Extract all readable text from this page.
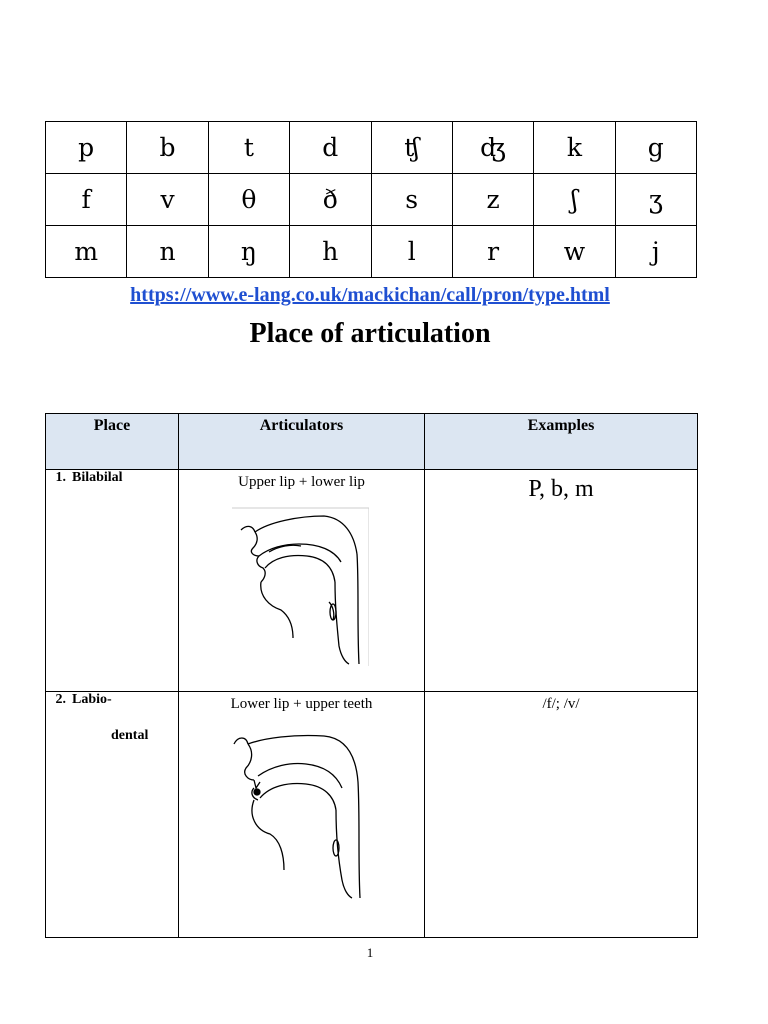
p	b	t	d	ʧ	ʤ	k	g
f	v	θ	ð	s	z	ʃ	ʒ
m	n	ŋ	h	l	r	w	j
https://www.e-lang.co.uk/mackichan/call/pron/type.html
Place of articulation
Place	Articulators	Examples
1. Bilabilal	Upper lip + lower lip	P, b, m

2. Labio-
dental	Lower lip + upper teeth	/f/; /v/
1
